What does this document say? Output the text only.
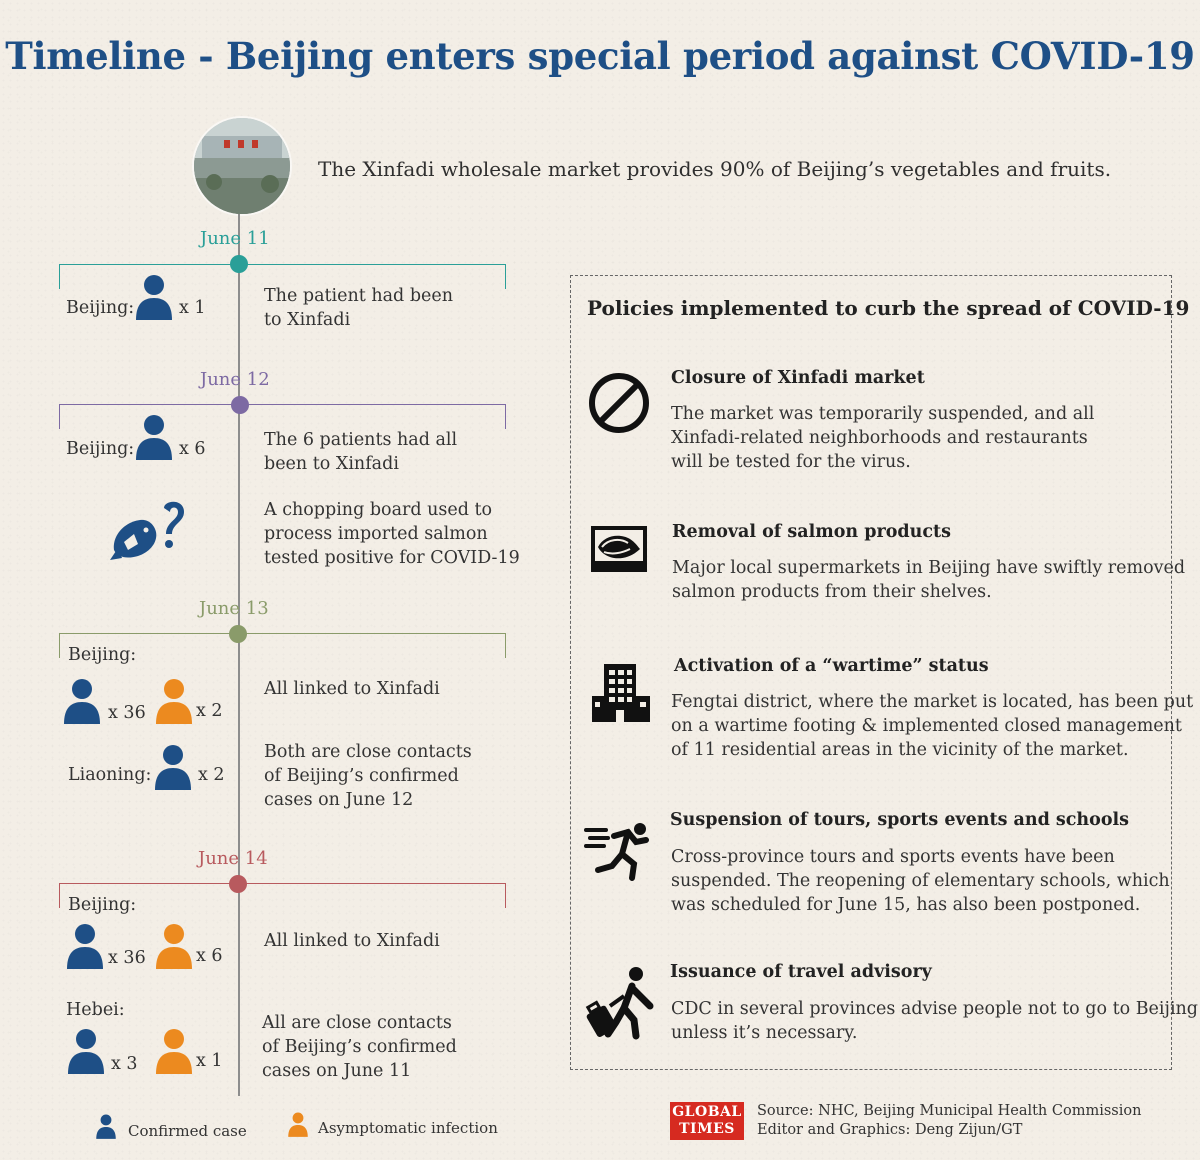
Timeline - Beijing enters special period against COVID-19
The Xinfadi wholesale market provides 90% of Beijing’s vegetables and fruits.
June 11
Beijing:	x 1
The patient had been
to Xinfadi
June 12
Beijing:	x 6	The 6 patients had all
been to Xinfadi
A chopping board used to
process imported salmon
tested positive for COVID-19
June 13
Beijing:
x 36	x 2
All linked to Xinfadi
Liaoning:	x 2
Both are close contacts
of Beijing’s confirmed
cases on June 12
June 14
Beijing:
x 36	x 6
All linked to Xinfadi
Hebei:
x 3	x 1
All are close contacts
of Beijing’s confirmed
cases on June 11
Policies implemented to curb the spread of COVID-19
Closure of Xinfadi market
The market was temporarily suspended, and all
Xinfadi-related neighborhoods and restaurants
will be tested for the virus.
Removal of salmon products
Major local supermarkets in Beijing have swiftly removed
salmon products from their shelves.
Activation of a “wartime” status
Fengtai district, where the market is located, has been put
on a wartime footing & implemented closed management
of 11 residential areas in the vicinity of the market.
Suspension of tours, sports events and schools
Cross-province tours and sports events have been
suspended. The reopening of elementary schools, which
was scheduled for June 15, has also been postponed.
Issuance of travel advisory
CDC in several provinces advise people not to go to Beijing
unless it’s necessary.
Confirmed case	Asymptomatic infection
GLOBAL
TIMES
Source: NHC, Beijing Municipal Health Commission
Editor and Graphics: Deng Zijun/GT
